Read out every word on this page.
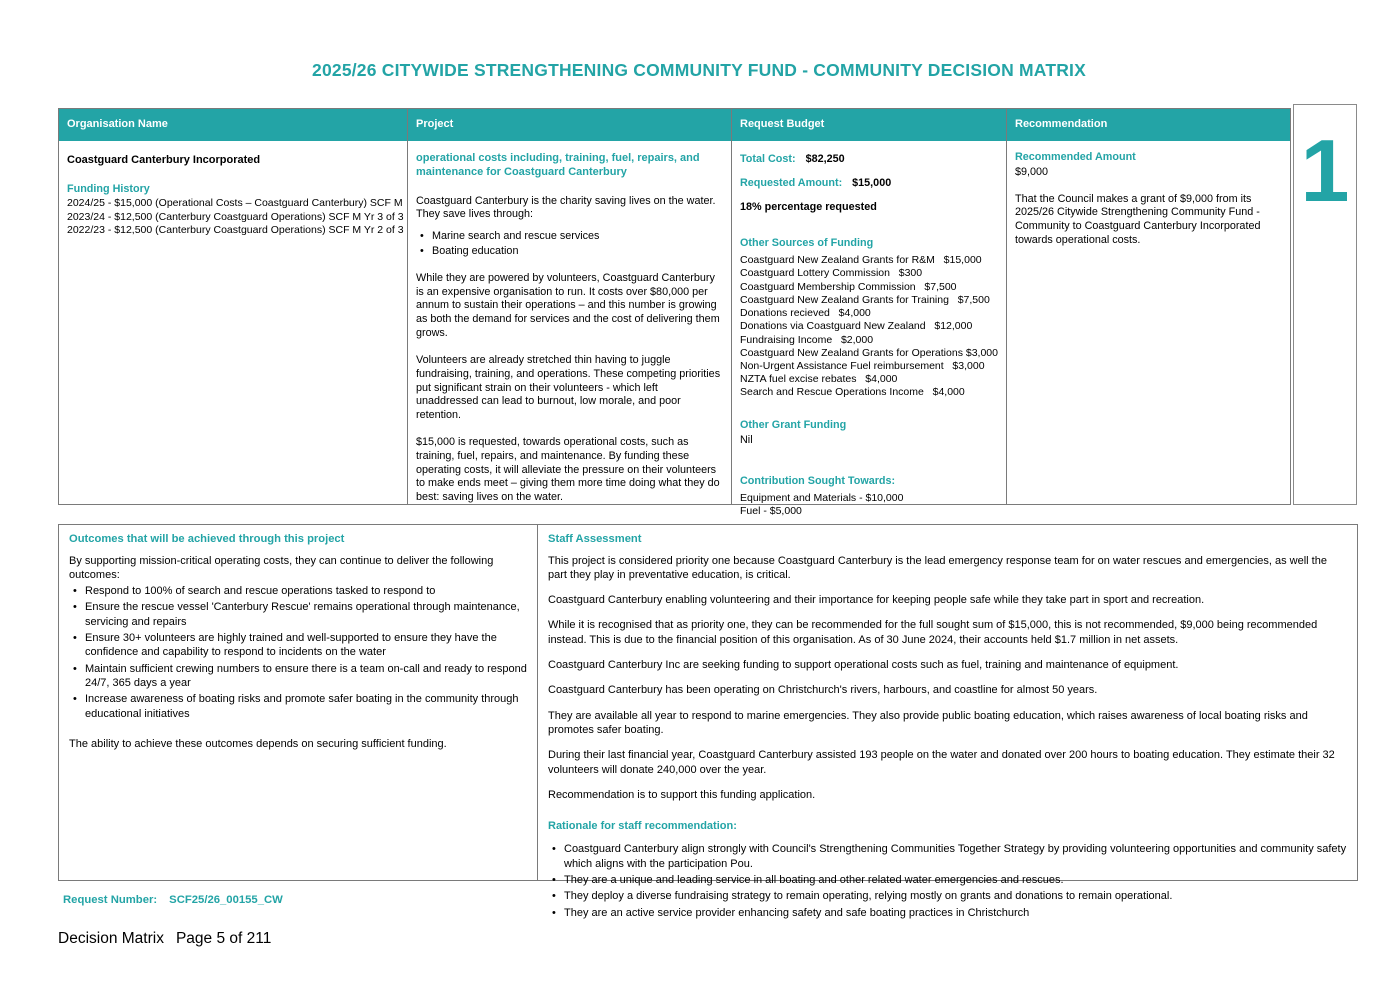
2025/26 CITYWIDE STRENGTHENING COMMUNITY FUND - COMMUNITY DECISION MATRIX
Organisation Name
Coastguard Canterbury Incorporated
Funding History
2024/25 - $15,000 (Operational Costs – Coastguard Canterbury) SCF M
2023/24 - $12,500 (Canterbury Coastguard Operations) SCF M Yr 3 of 3
2022/23 - $12,500 (Canterbury Coastguard Operations) SCF M Yr 2 of 3
Project
operational costs including, training, fuel, repairs, and maintenance for Coastguard Canterbury
Coastguard Canterbury is the charity saving lives on the water. They save lives through:
• Marine search and rescue services
• Boating education

While they are powered by volunteers, Coastguard Canterbury is an expensive organisation to run. It costs over $80,000 per annum to sustain their operations – and this number is growing as both the demand for services and the cost of delivering them grows.

Volunteers are already stretched thin having to juggle fundraising, training, and operations. These competing priorities put significant strain on their volunteers - which left unaddressed can lead to burnout, low morale, and poor retention.

$15,000 is requested, towards operational costs, such as training, fuel, repairs, and maintenance. By funding these operating costs, it will alleviate the pressure on their volunteers to make ends meet – giving them more time doing what they do best: saving lives on the water.

Request Budget
Total Cost: $82,250
Requested Amount: $15,000
18% percentage requested
Other Sources of Funding
Coastguard New Zealand Grants for R&M   $15,000
Coastguard Lottery Commission   $300
Coastguard Membership Commission   $7,500
Coastguard New Zealand Grants for Training   $7,500
Donations recieved   $4,000
Donations via Coastguard New Zealand   $12,000
Fundraising Income   $2,000
Coastguard New Zealand Grants for Operations $3,000
Non-Urgent Assistance Fuel reimbursement   $3,000
NZTA fuel excise rebates   $4,000
Search and Rescue Operations Income   $4,000
Other Grant Funding
Nil
Contribution Sought Towards:
Equipment and Materials - $10,000
Fuel - $5,000
Recommendation
Recommended Amount
$9,000
That the Council makes a grant of $9,000 from its 2025/26 Citywide Strengthening Community Fund - Community to Coastguard Canterbury Incorporated towards operational costs.
1
Outcomes that will be achieved through this project
By supporting mission-critical operating costs, they can continue to deliver the following outcomes:
• Respond to 100% of search and rescue operations tasked to respond to
• Ensure the rescue vessel 'Canterbury Rescue' remains operational through maintenance, servicing and repairs
• Ensure 30+ volunteers are highly trained and well-supported to ensure they have the confidence and capability to respond to incidents on the water
• Maintain sufficient crewing numbers to ensure there is a team on-call and ready to respond 24/7, 365 days a year
• Increase awareness of boating risks and promote safer boating in the community through educational initiatives
The ability to achieve these outcomes depends on securing sufficient funding.
Staff Assessment

This project is considered priority one because Coastguard Canterbury is the lead emergency response team for on water rescues and emergencies, as well the part they play in preventative education, is critical.

Coastguard Canterbury enabling volunteering and their importance for keeping people safe while they take part in sport and recreation.

While it is recognised that as priority one, they can be recommended for the full sought sum of $15,000, this is not recommended, $9,000 being recommended instead. This is due to the financial position of this organisation. As of 30 June 2024, their accounts held $1.7 million in net assets.

Coastguard Canterbury Inc are seeking funding to support operational costs such as fuel, training and maintenance of equipment.

Coastguard Canterbury has been operating on Christchurch's rivers, harbours, and coastline for almost 50 years.

They are available all year to respond to marine emergencies. They also provide public boating education, which raises awareness of local boating risks and promotes safer boating.

During their last financial year, Coastguard Canterbury assisted 193 people on the water and donated over 200 hours to boating education. They estimate their 32 volunteers will donate 240,000 over the year.

Recommendation is to support this funding application.

Rationale for staff recommendation:
• Coastguard Canterbury align strongly with Council's Strengthening Communities Together Strategy by providing volunteering opportunities and community safety which aligns with the participation Pou.
• They are a unique and leading service in all boating and other related water emergencies and rescues.
• They deploy a diverse fundraising strategy to remain operating, relying mostly on grants and donations to remain operational.
• They are an active service provider enhancing safety and safe boating practices in Christchurch
Request Number: SCF25/26_00155_CW
Decision Matrix Page 5 of 211
